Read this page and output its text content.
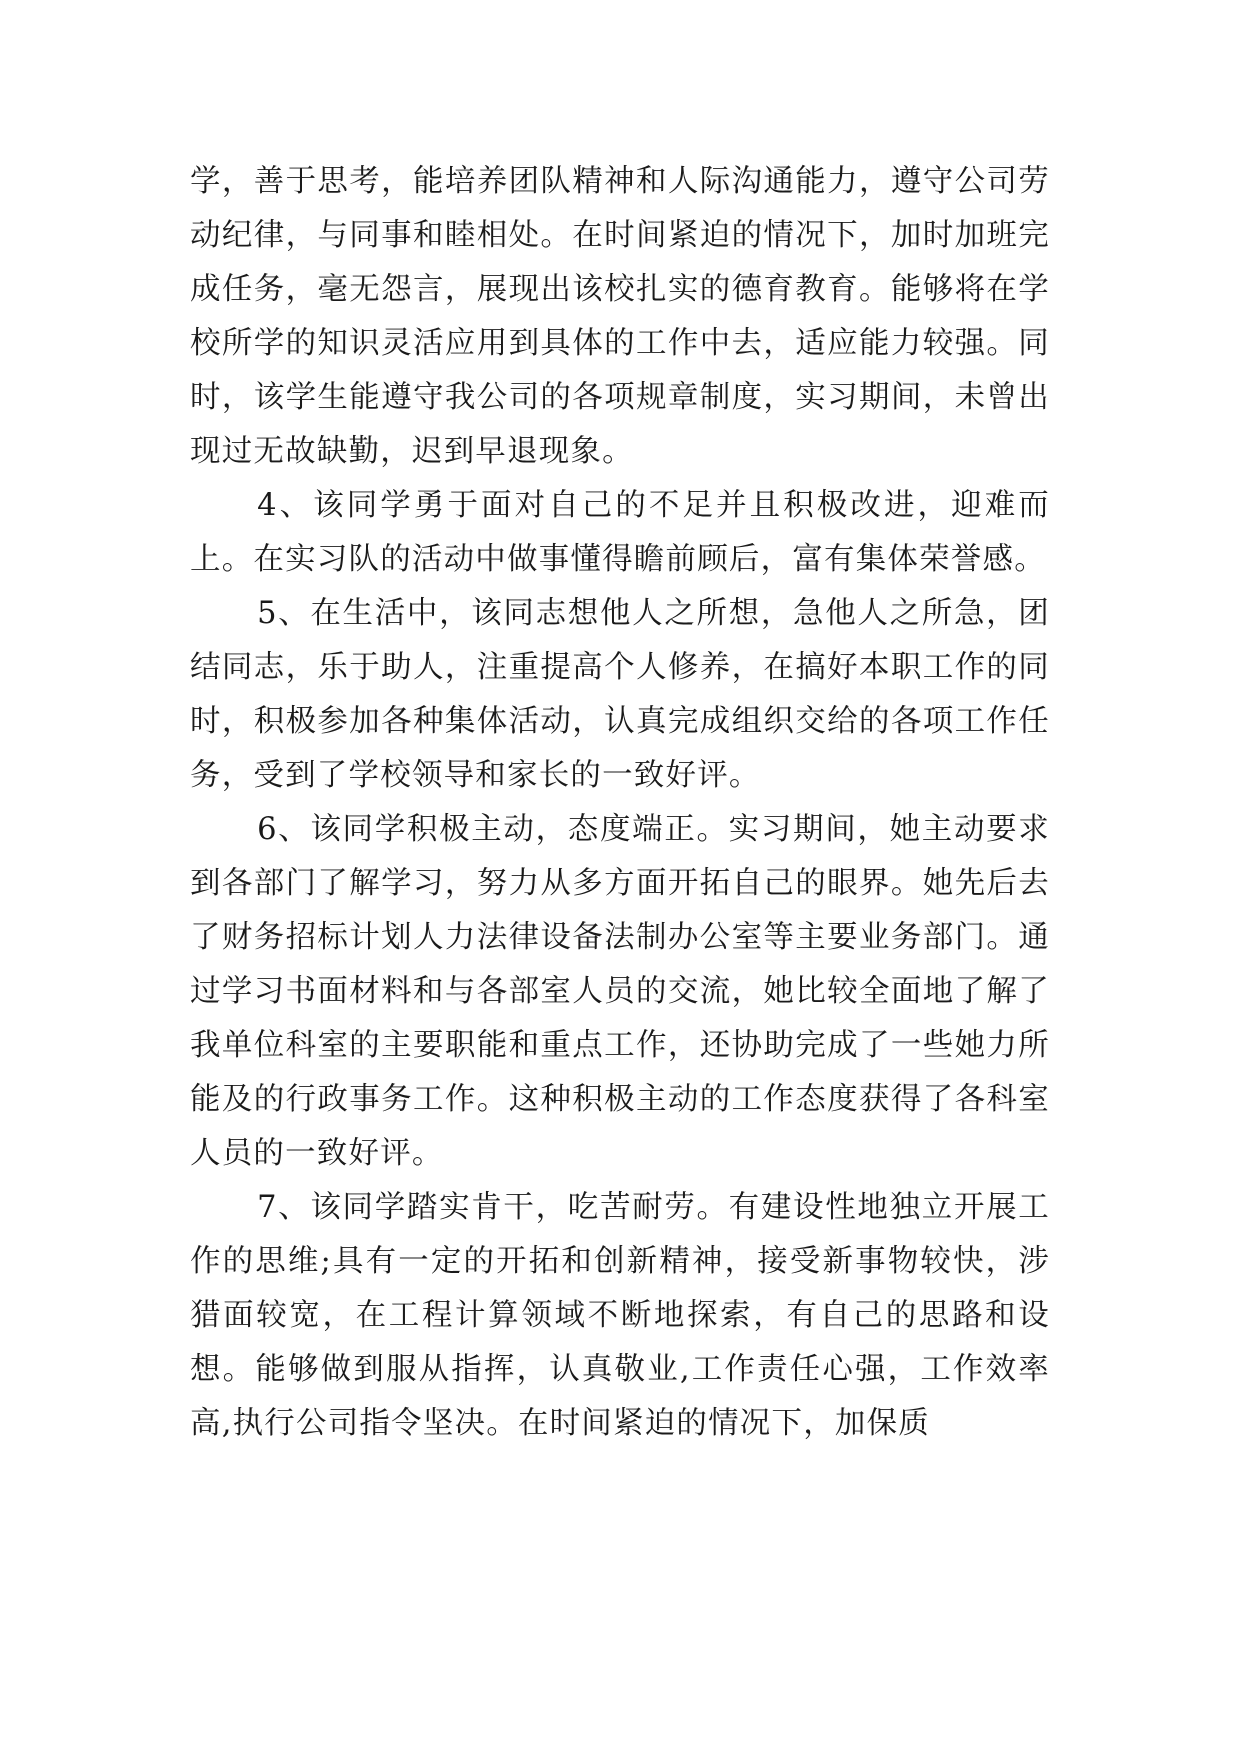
学，善于思考，能培养团队精神和人际沟通能力，遵守公司劳动纪律，与同事和睦相处。在时间紧迫的情况下，加时加班完成任务，毫无怨言，展现出该校扎实的德育教育。能够将在学校所学的知识灵活应用到具体的工作中去，适应能力较强。同时，该学生能遵守我公司的各项规章制度，实习期间，未曾出现过无故缺勤，迟到早退现象。

4、该同学勇于面对自己的不足并且积极改进，迎难而上。在实习队的活动中做事懂得瞻前顾后，富有集体荣誉感。

5、在生活中，该同志想他人之所想，急他人之所急，团结同志，乐于助人，注重提高个人修养，在搞好本职工作的同时，积极参加各种集体活动，认真完成组织交给的各项工作任务，受到了学校领导和家长的一致好评。

6、该同学积极主动，态度端正。实习期间，她主动要求到各部门了解学习，努力从多方面开拓自己的眼界。她先后去了财务招标计划人力法律设备法制办公室等主要业务部门。通过学习书面材料和与各部室人员的交流，她比较全面地了解了我单位科室的主要职能和重点工作，还协助完成了一些她力所能及的行政事务工作。这种积极主动的工作态度获得了各科室人员的一致好评。

7、该同学踏实肯干，吃苦耐劳。有建设性地独立开展工作的思维;具有一定的开拓和创新精神，接受新事物较快，涉猎面较宽，在工程计算领域不断地探索，有自己的思路和设想。能够做到服从指挥，认真敬业,工作责任心强，工作效率高,执行公司指令坚决。在时间紧迫的情况下，加保质
